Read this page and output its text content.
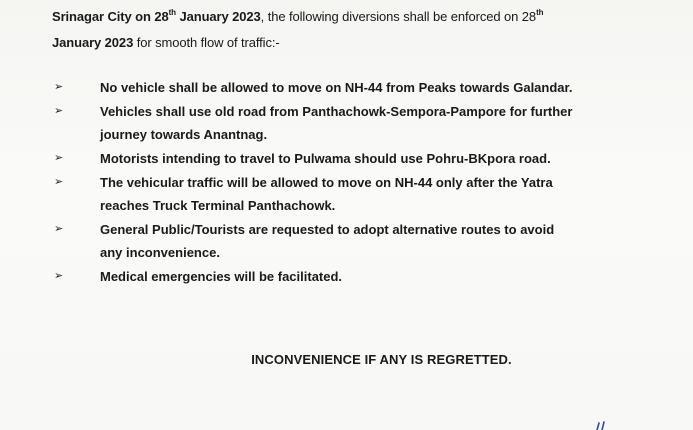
Srinagar City on 28th January 2023, the following diversions shall be enforced on 28th
January 2023 for smooth flow of traffic:-
➢	No vehicle shall be allowed to move on NH-44 from Peaks towards Galandar.
➢	Vehicles shall use old road from Panthachowk-Sempora-Pampore for further
journey towards Anantnag.
➢	Motorists intending to travel to Pulwama should use Pohru-BKpora road.
➢	The vehicular traffic will be allowed to move on NH-44 only after the Yatra
reaches Truck Terminal Panthachowk.
➢	General Public/Tourists are requested to adopt alternative routes to avoid
any inconvenience.
➢	Medical emergencies will be facilitated.
INCONVENIENCE IF ANY IS REGRETTED.
